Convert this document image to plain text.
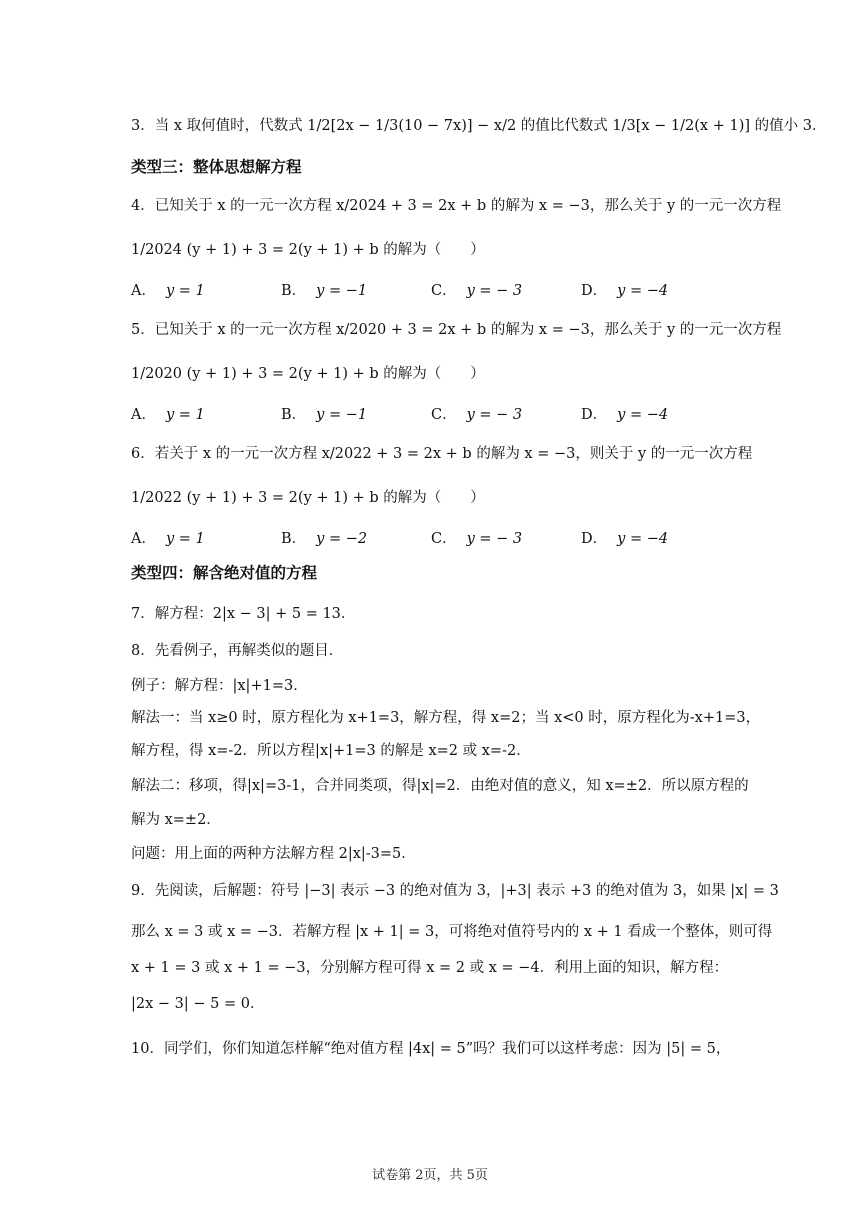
3．当 x 取何值时，代数式 1/2[2x − 1/3(10 − 7x)] − x/2 的值比代数式 1/3[x − 1/2(x + 1)] 的值小 3．
类型三：整体思想解方程
4．已知关于 x 的一元一次方程 x/2024 + 3 = 2x + b 的解为 x = −3，那么关于 y 的一元一次方程
1/2024 (y + 1) + 3 = 2(y + 1) + b 的解为（　　）
A． y = 1	B． y = −1	C． y = − 3	D． y = −4
5．已知关于 x 的一元一次方程 x/2020 + 3 = 2x + b 的解为 x = −3，那么关于 y 的一元一次方程
1/2020 (y + 1) + 3 = 2(y + 1) + b 的解为（　　）
A． y = 1	B． y = −1	C． y = − 3	D． y = −4
6．若关于 x 的一元一次方程 x/2022 + 3 = 2x + b 的解为 x = −3，则关于 y 的一元一次方程
1/2022 (y + 1) + 3 = 2(y + 1) + b 的解为（　　）
A． y = 1	B． y = −2	C． y = − 3	D． y = −4
类型四：解含绝对值的方程
7．解方程：2|x − 3| + 5 = 13．
8．先看例子，再解类似的题目．
例子：解方程：|x|+1=3．
解法一：当 x≥0 时，原方程化为 x+1=3，解方程，得 x=2；当 x<0 时，原方程化为-x+1=3，
解方程，得 x=-2．所以方程|x|+1=3 的解是 x=2 或 x=-2．
解法二：移项，得|x|=3-1，合并同类项，得|x|=2．由绝对值的意义，知 x=±2．所以原方程的
解为 x=±2．
问题：用上面的两种方法解方程 2|x|-3=5．
9．先阅读，后解题：符号 |−3| 表示 −3 的绝对值为 3，|+3| 表示 +3 的绝对值为 3，如果 |x| = 3
那么 x = 3 或 x = −3．若解方程 |x + 1| = 3，可将绝对值符号内的 x + 1 看成一个整体，则可得
x + 1 = 3 或 x + 1 = −3，分别解方程可得 x = 2 或 x = −4．利用上面的知识，解方程：
|2x − 3| − 5 = 0．
10．同学们，你们知道怎样解“绝对值方程 |4x| = 5”吗？我们可以这样考虑：因为 |5| = 5，
试卷第 2页，共 5页
